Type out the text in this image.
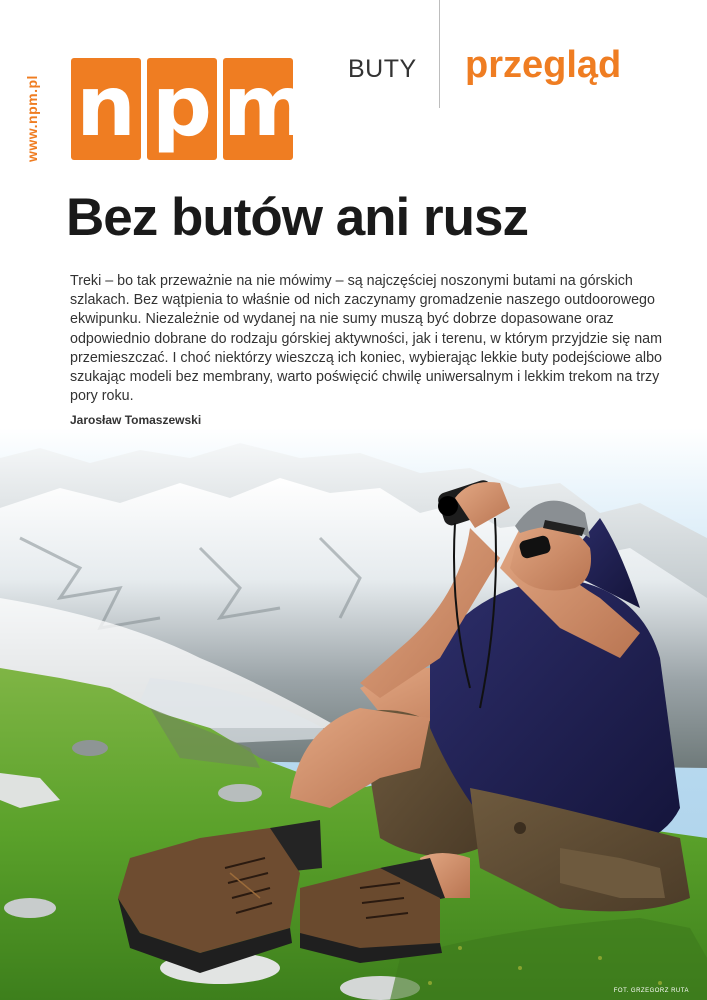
www.npm.pl n p m BUTY przegląd
Bez butów ani rusz

Treki – bo tak przeważnie na nie mówimy – są najczęściej noszonymi butami na górskich szlakach. Bez wątpienia to właśnie od nich zaczynamy gromadzenie naszego outdoorowego ekwipunku. Niezależnie od wydanej na nie sumy muszą być dobrze dopasowane oraz odpowiednio dobrane do rodzaju górskiej aktywności, jak i terenu, w którym przyjdzie się nam przemieszczać. I choć niektórzy wieszczą ich koniec, wybierając lekkie buty podejściowe albo szukając modeli bez membrany, warto poświęcić chwilę uniwersalnym i lekkim trekom na trzy pory roku.

Jarosław Tomaszewski
FOT. GRZEGORZ RUTA
